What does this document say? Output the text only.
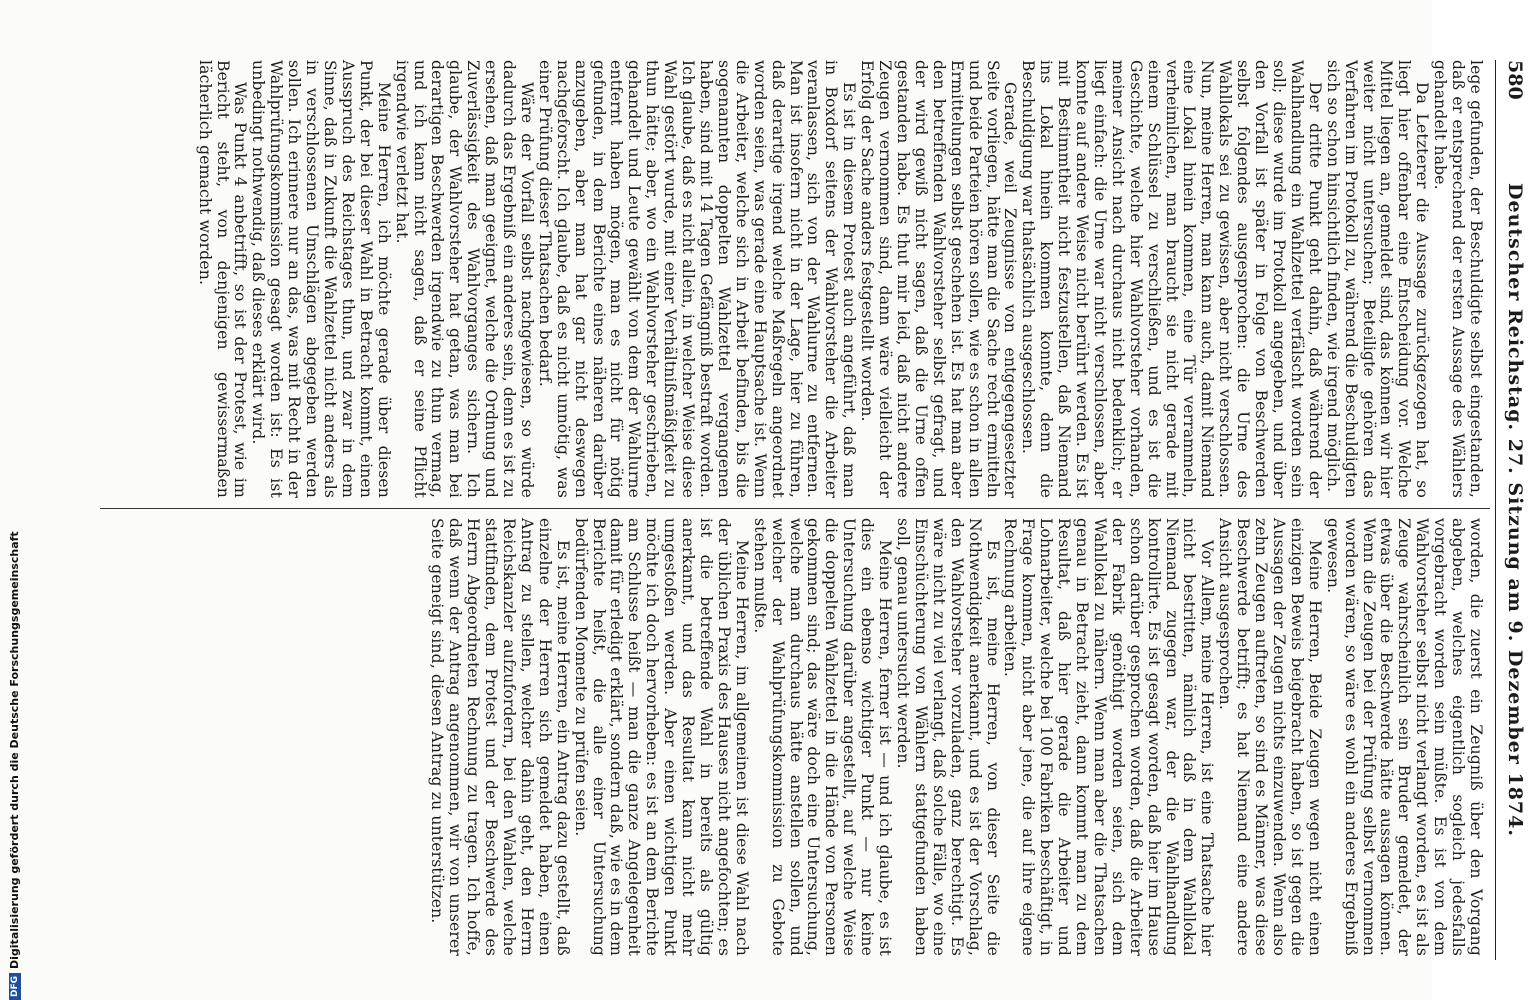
580
Deutscher Reichstag. 27. Sitzung am 9. Dezember 1874.

lege gefunden, der Beschuldigte selbst eingestanden, daß er entsprechend der ersten Aussage des Wählers gehandelt habe.

Da Letzterer die Aussage zurückgezogen hat, so liegt hier offenbar eine Entscheidung vor. Welche Mittel liegen an, gemeldet sind, das können wir hier weiter nicht untersuchen; Beteiligte gehören das Verfahren im Protokoll zu, während die Beschuldigten sich so schon hinsichtlich finden, wie irgend möglich.

Der dritte Punkt geht dahin, daß während der Wahlhandlung ein Wahlzettel verfälscht worden sein soll; diese wurde im Protokoll angegeben, und über den Vorfall ist später in Folge von Beschwerden selbst folgendes ausgesprochen: die Urne des Wahllokals sei zu gewissen, aber nicht verschlossen. Nun, meine Herren, man kann auch, damit Niemand eine Lokal hinein kommen, eine Tür verrammeln, verheimlichen, man braucht sie nicht gerade mit einem Schlüssel zu verschließen, und es ist die Geschichte, welche hier Wahlvorsteher vorhanden, meiner Ansicht nach durchaus nicht bedenklich; er liegt einfach: die Urne war nicht verschlossen, aber konnte auf andere Weise nicht berührt werden. Es ist mit Bestimmtheit nicht festzustellen, daß Niemand ins Lokal hinein kommen konnte, denn die Beschuldigung war thatsächlich ausgeschlossen.

Gerade, weil Zeugnisse von entgegengesetzter Seite vorliegen, hätte man die Sache recht ermitteln und beide Parteien hören sollen, wie es schon in allen Ermittelungen selbst geschehen ist. Es hat man aber den betreffenden Wahlvorsteher selbst gefragt, und der wird gewiß nicht sagen, daß die Urne offen gestanden habe. Es thut mir leid, daß nicht andere Zeugen vernommen sind, dann wäre vielleicht der Erfolg der Sache anders festgestellt worden.

Es ist in diesem Protest auch angeführt, daß man in Boxdorf seitens der Wahlvorsteher die Arbeiter veranlassen, sich von der Wahlurne zu entfernen. Man ist insofern nicht in der Lage, hier zu führen, daß derartige irgend welche Maßregeln angeordnet worden seien, was gerade eine Hauptsache ist. Wenn die Arbeiter, welche sich in Arbeit befinden, bis die sogenannten doppelten Wahlzettel vergangenen haben, sind mit 14 Tagen Gefängniß bestraft worden. Ich glaube, daß es nicht allein, in welcher Weise diese Wahl gestört wurde, mit einer Verhältnißmäßigkeit zu thun hätte; aber, wo ein Wahlvorsteher geschrieben, gehandelt und Leute gewählt von dem der Wahlurne entfernt haben mögen, man es nicht für nötig gefunden, in dem Berichte eines näheren darüber anzugeben, aber man hat gar nicht deswegen nachgeforscht. Ich glaube, daß es nicht unnötig, was einer Prüfung dieser Thatsachen bedarf.

Wäre der Vorfall selbst nachgewiesen, so würde dadurch das Ergebniß ein anderes sein, denn es ist zu ersehen, daß man geeignet, welche die Ordnung und Zuverlässigkeit des Wahlvorganges sichern. Ich glaube, der Wahlvorsteher hat getan, was man bei derartigen Beschwerden irgendwie zu thun vermag, und ich kann nicht sagen, daß er seine Pflicht irgendwie verletzt hat.

Meine Herren, ich möchte gerade über diesen Punkt, der bei dieser Wahl in Betracht kommt, einen Ausspruch des Reichstages thun, und zwar in dem Sinne, daß in Zukunft die Wahlzettel nicht anders als in verschlossenen Umschlägen abgegeben werden sollen. Ich erinnere nur an das, was mit Recht in der Wahlprüfungskommission gesagt worden ist: Es ist unbedingt nothwendig, daß dieses erklärt wird.

Was Punkt 4 anbetrifft, so ist der Protest, wie im Bericht steht, von denjenigen gewissermaßen lächerlich gemacht worden.

worden, die zuerst ein Zeugniß über den Vorgang abgeben, welches eigentlich sogleich jedesfalls vorgebracht worden sein müßte. Es ist von dem Wahlvorsteher selbst nicht verlangt worden, es ist als Zeuge wahrscheinlich sein Bruder gemeldet, der etwas über die Beschwerde hätte aussagen können. Wenn die Zeugen bei der Prüfung selbst vernommen worden wären, so wäre es wohl ein anderes Ergebniß gewesen.

Meine Herren, Beide Zeugen wegen nicht einen einzigen Beweis beigebracht haben, so ist gegen die Aussagen der Zeugen nichts einzuwenden. Wenn also zehn Zeugen auftreten, so sind es Männer, was diese Beschwerde betrifft; es hat Niemand eine andere Ansicht ausgesprochen.

Vor Allem, meine Herren, ist eine Thatsache hier nicht bestritten, nämlich daß in dem Wahllokal Niemand zugegen war, der die Wahlhandlung kontrollirte. Es ist gesagt worden, daß hier im Hause schon darüber gesprochen worden, daß die Arbeiter der Fabrik genöthigt worden seien, sich dem Wahllokal zu nähern. Wenn man aber die Thatsachen genau in Betracht zieht, dann kommt man zu dem Resultat, daß hier gerade die Arbeiter und Lohnarbeiter, welche bei 100 Fabriken beschäftigt, in Frage kommen, nicht aber jene, die auf ihre eigene Rechnung arbeiten.

Es ist, meine Herren, von dieser Seite die Nothwendigkeit anerkannt, und es ist der Vorschlag, den Wahlvorsteher vorzuladen, ganz berechtigt. Es wäre nicht zu viel verlangt, daß solche Fälle, wo eine Einschüchterung von Wählern stattgefunden haben soll, genau untersucht werden.

Meine Herren, ferner ist — und ich glaube, es ist dies ein ebenso wichtiger Punkt — nur keine Untersuchung darüber angestellt, auf welche Weise die doppelten Wahlzettel in die Hände von Personen gekommen sind; das wäre doch eine Untersuchung, welche man durchaus hätte anstellen sollen, und welcher der Wahlprüfungskommission zu Gebote stehen mußte.

Meine Herren, im allgemeinen ist diese Wahl nach der üblichen Praxis des Hauses nicht angefochten; es ist die betreffende Wahl in bereits als gültig anerkannt, und das Resultat kann nicht mehr umgestoßen werden. Aber einen wichtigen Punkt möchte ich doch hervorheben: es ist an dem Berichte am Schlusse heißt — man die ganze Angelegenheit damit für erledigt erklärt, sondern daß, wie es in dem Berichte heißt, die alle einer Untersuchung bedürfenden Momente zu prüfen seien.

Es ist, meine Herren, ein Antrag dazu gestellt, daß einzelne der Herren sich gemeldet haben, einen Antrag zu stellen, welcher dahin geht, den Herrn Reichskanzler aufzufordern, bei den Wahlen, welche stattfinden, dem Protest und der Beschwerde des Herrn Abgeordneten Rechnung zu tragen. Ich hoffe, daß wenn der Antrag angenommen, wir von unserer Seite geneigt sind, diesen Antrag zu unterstützen.

DFGDigitalisierung gefördert durch die Deutsche Forschungsgemeinschaft
